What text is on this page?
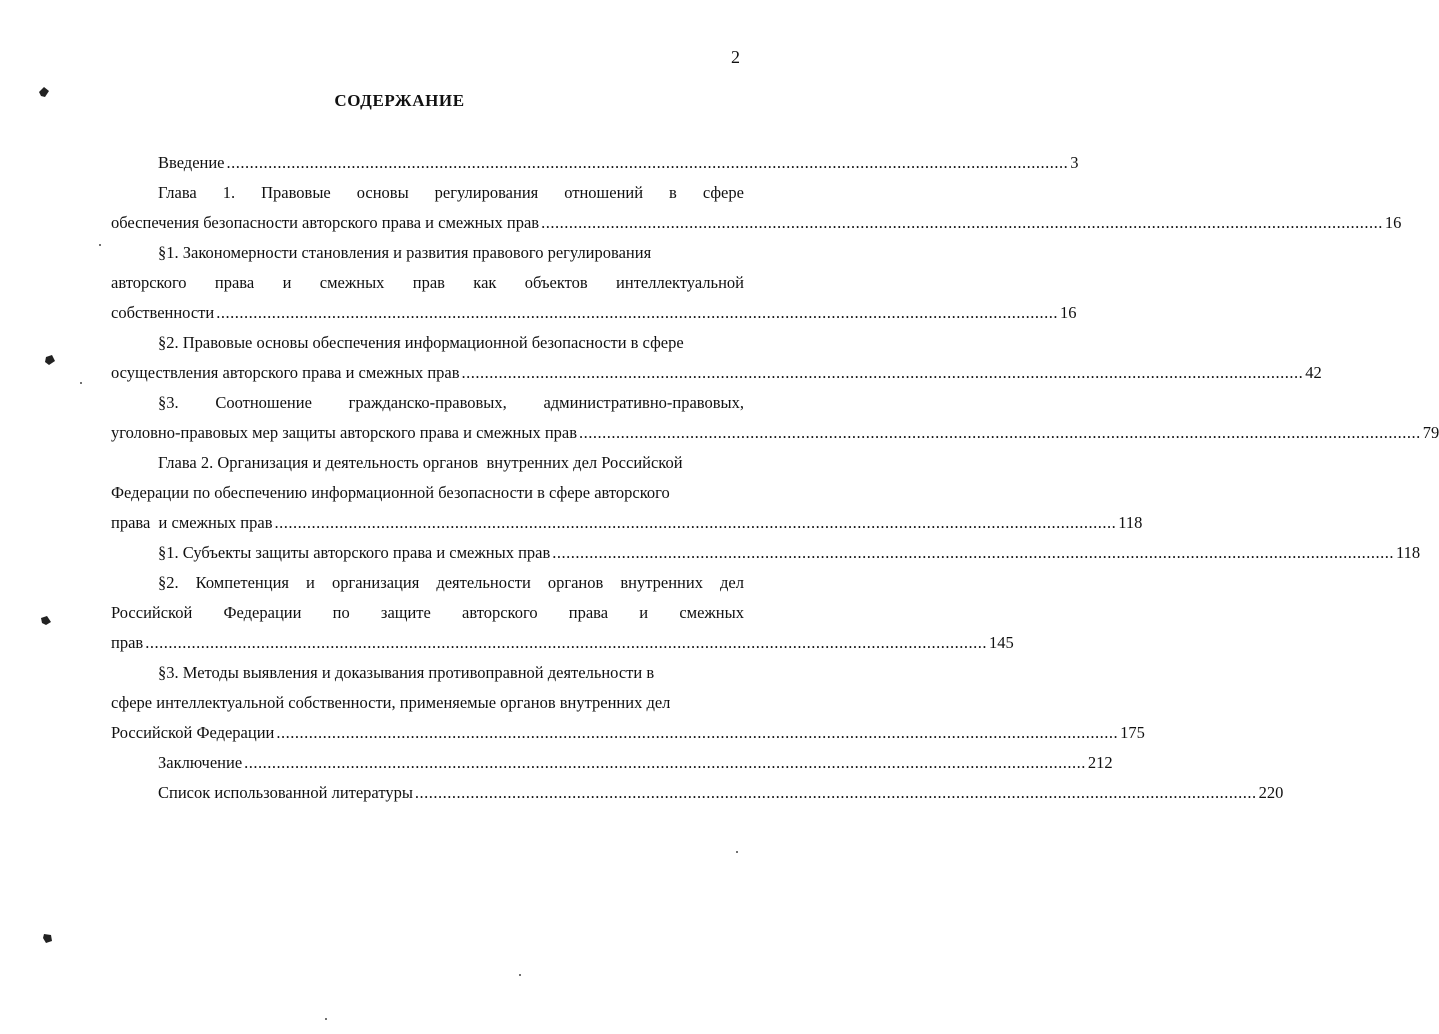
2
СОДЕРЖАНИЕ
Введение ...................................................................................................................................................................................... 3
Глава 1. Правовые основы регулирования отношений в сфере
обеспечения безопасности авторского права и смежных прав ...................................................................................................................................................................................... 16
§1. Закономерности становления и развития правового регулирования
авторского права и смежных прав как объектов интеллектуальной
собственности ...................................................................................................................................................................................... 16
§2. Правовые основы обеспечения информационной безопасности в сфере
осуществления авторского права и смежных прав ...................................................................................................................................................................................... 42
§3. Соотношение гражданско-правовых, административно-правовых,
уголовно-правовых мер защиты авторского права и смежных прав ...................................................................................................................................................................................... 79
Глава 2. Организация и деятельность органов  внутренних дел Российской
Федерации по обеспечению информационной безопасности в сфере авторского
права  и смежных прав ...................................................................................................................................................................................... 118
§1. Субъекты защиты авторского права и смежных прав ...................................................................................................................................................................................... 118
§2. Компетенция и организация деятельности органов внутренних дел
Российской Федерации по защите авторского права и смежных
прав ...................................................................................................................................................................................... 145
§3. Методы выявления и доказывания противоправной деятельности в
сфере интеллектуальной собственности, применяемые органов внутренних дел
Российской Федерации ...................................................................................................................................................................................... 175
Заключение ...................................................................................................................................................................................... 212
Список использованной литературы ...................................................................................................................................................................................... 220
